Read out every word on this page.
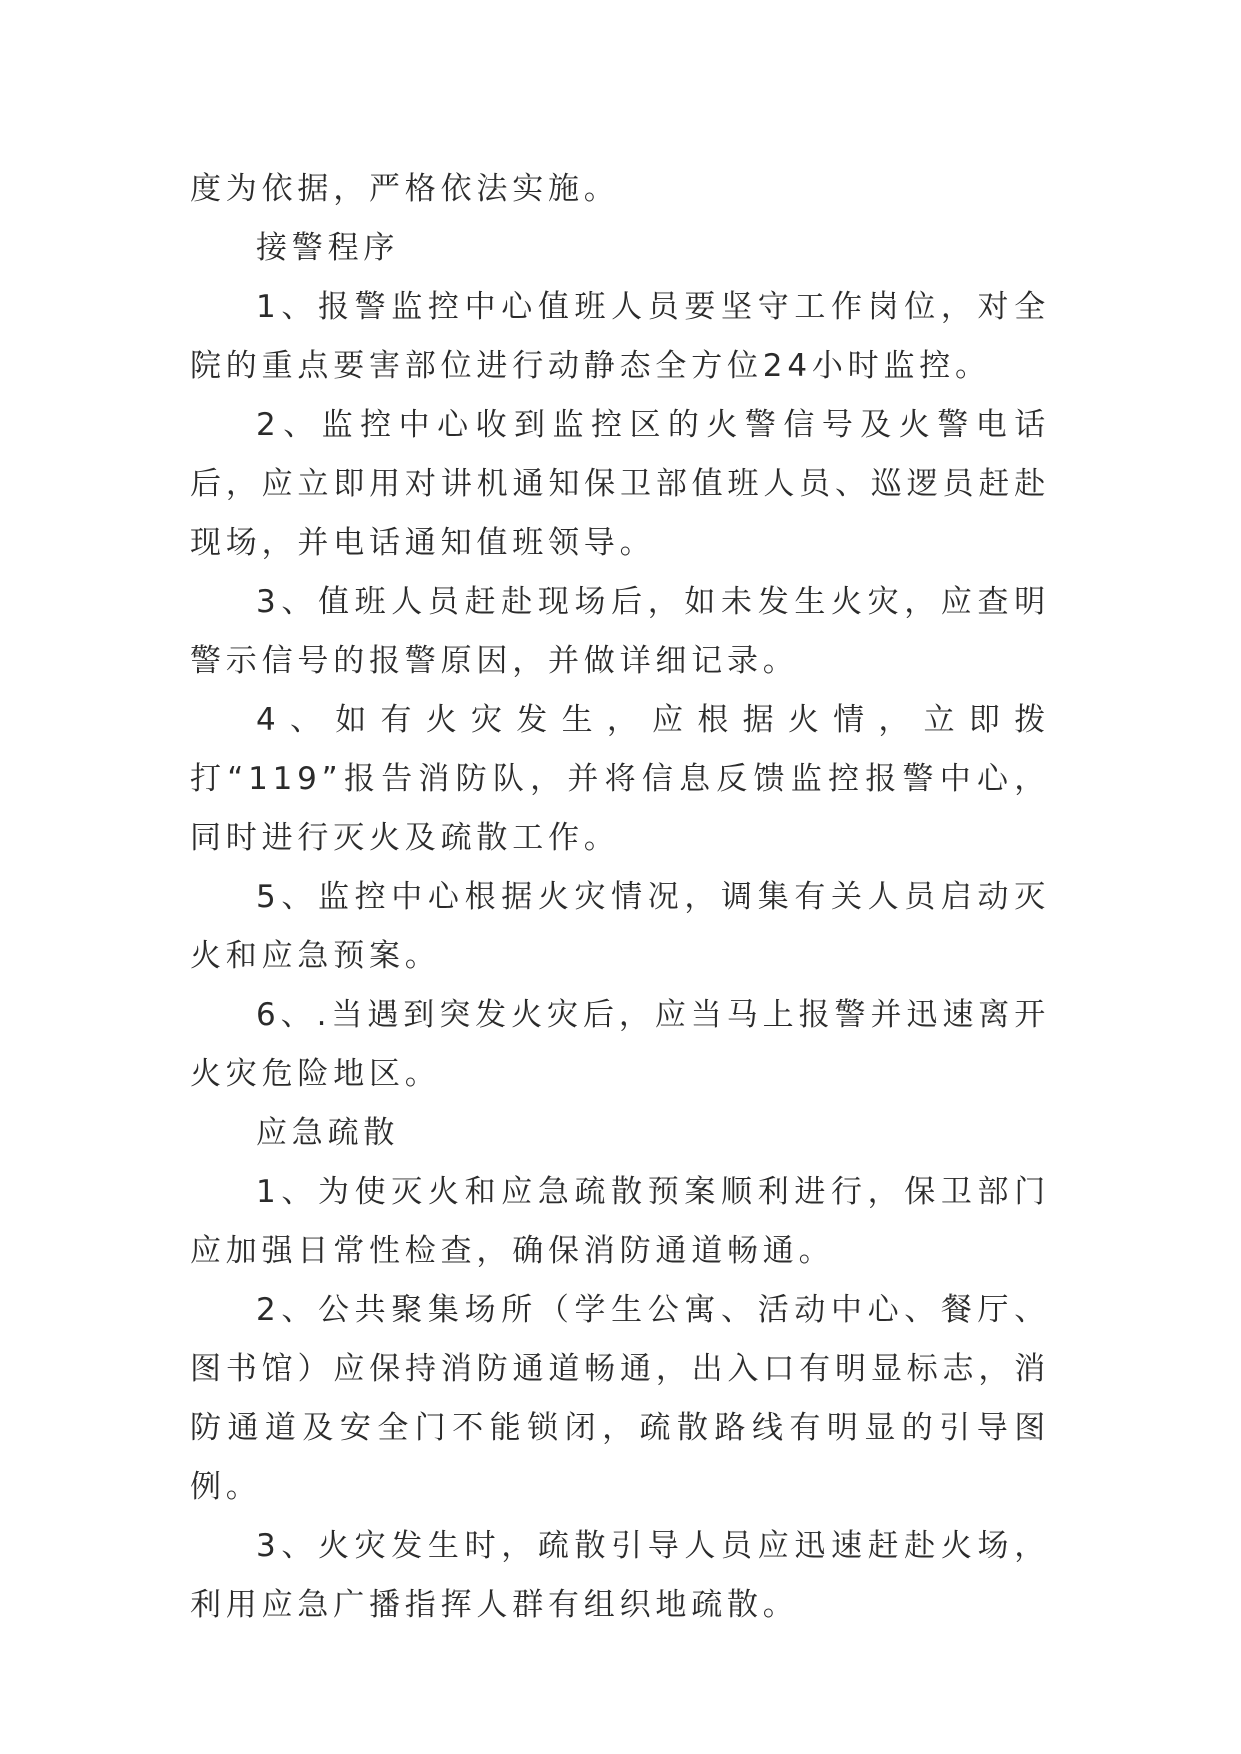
度为依据，严格依法实施。

接警程序

1、报警监控中心值班人员要坚守工作岗位，对全院的重点要害部位进行动静态全方位24小时监控。

2、监控中心收到监控区的火警信号及火警电话后，应立即用对讲机通知保卫部值班人员、巡逻员赶赴现场，并电话通知值班领导。

3、值班人员赶赴现场后，如未发生火灾，应查明警示信号的报警原因，并做详细记录。

4、如有火灾发生，应根据火情，立即拨打“119”报告消防队，并将信息反馈监控报警中心，同时进行灭火及疏散工作。

5、监控中心根据火灾情况，调集有关人员启动灭火和应急预案。

6、.当遇到突发火灾后，应当马上报警并迅速离开火灾危险地区。

应急疏散

1、为使灭火和应急疏散预案顺利进行，保卫部门应加强日常性检查，确保消防通道畅通。

2、公共聚集场所（学生公寓、活动中心、餐厅、图书馆）应保持消防通道畅通，出入口有明显标志，消防通道及安全门不能锁闭，疏散路线有明显的引导图例。

3、火灾发生时，疏散引导人员应迅速赶赴火场，利用应急广播指挥人群有组织地疏散。
